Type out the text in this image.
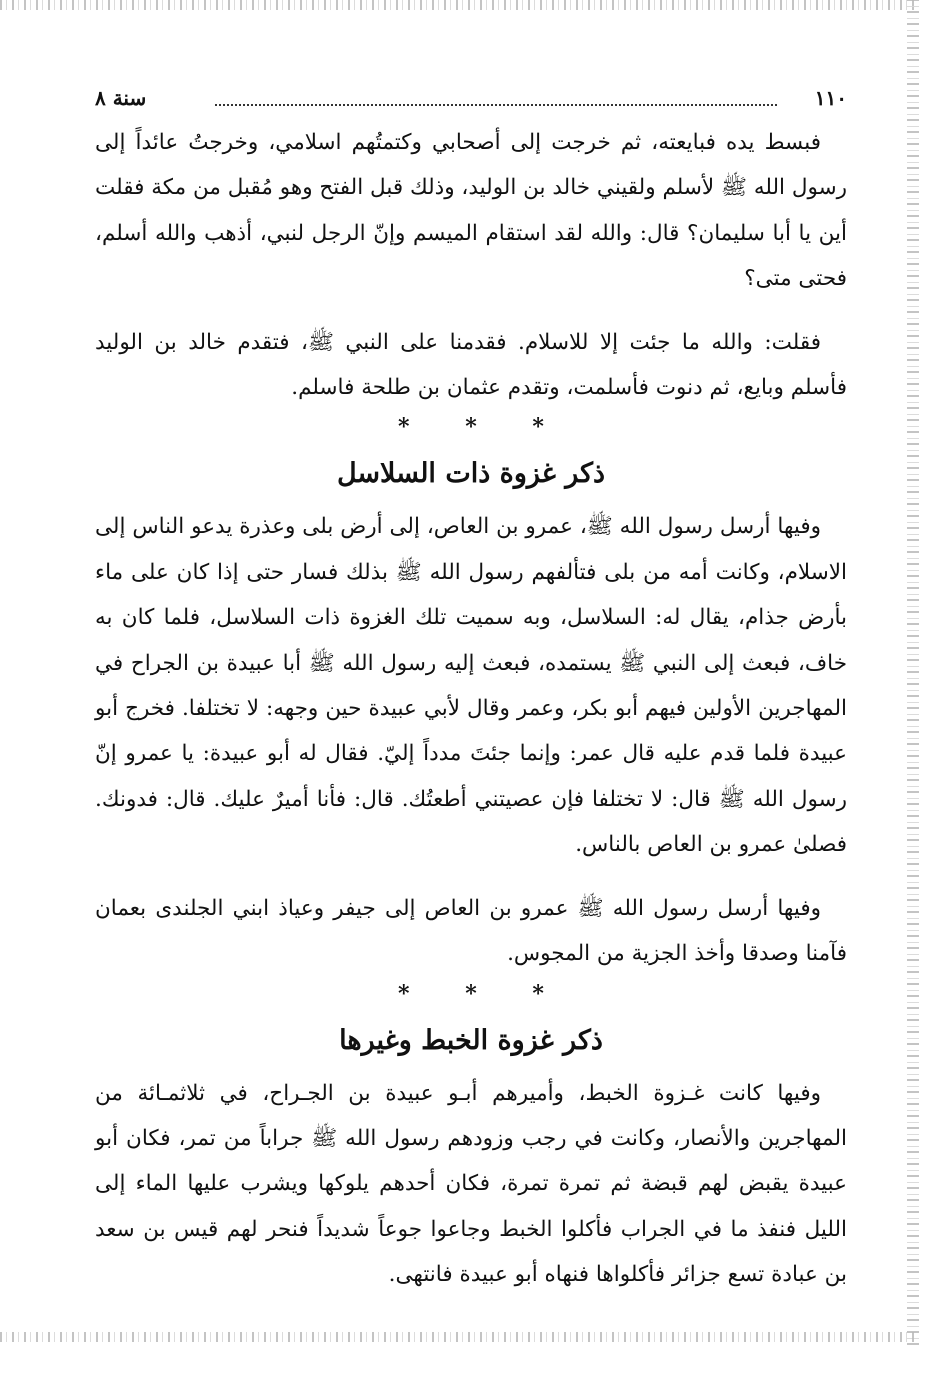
١١٠
سنة ٨

فبسط يده فبايعته، ثم خرجت إلى أصحابي وكتمتُهم اسلامي، وخرجتُ عائداً إلى رسول الله ﷺ لأسلم ولقيني خالد بن الوليد، وذلك قبل الفتح وهو مُقبل من مكة فقلت أين يا أبا سليمان؟ قال: والله لقد استقام الميسم وإنّ الرجل لنبي، أذهب والله أسلم، فحتى متى؟

فقلت: والله ما جئت إلا للاسلام. فقدمنا على النبي ﷺ، فتقدم خالد بن الوليد فأسلم وبايع، ثم دنوت فأسلمت، وتقدم عثمان بن طلحة فاسلم.

* * *
ذكر غزوة ذات السلاسل

وفيها أرسل رسول الله ﷺ، عمرو بن العاص، إلى أرض بلى وعذرة يدعو الناس إلى الاسلام، وكانت أمه من بلى فتألفهم رسول الله ﷺ بذلك فسار حتى إذا كان على ماء بأرض جذام، يقال له: السلاسل، وبه سميت تلك الغزوة ذات السلاسل، فلما كان به خاف، فبعث إلى النبي ﷺ يستمده، فبعث إليه رسول الله ﷺ أبا عبيدة بن الجراح في المهاجرين الأولين فيهم أبو بكر، وعمر وقال لأبي عبيدة حين وجهه: لا تختلفا. فخرج أبو عبيدة فلما قدم عليه قال عمر: وإنما جئتَ مدداً إليّ. فقال له أبو عبيدة: يا عمرو إنّ رسول الله ﷺ قال: لا تختلفا فإن عصيتني أطعتُك. قال: فأنا أميرٌ عليك. قال: فدونك. فصلىٰ عمرو بن العاص بالناس.

وفيها أرسل رسول الله ﷺ عمرو بن العاص إلى جيفر وعياذ ابني الجلندى بعمان فآمنا وصدقا وأخذ الجزية من المجوس.

* * *
ذكر غزوة الخبط وغيرها

وفيها كانت غـزوة الخبط، وأميرهم أبـو عبيدة بن الجـراح، في ثلاثمـائة من المهاجرين والأنصار، وكانت في رجب وزودهم رسول الله ﷺ جراباً من تمر، فكان أبو عبيدة يقبض لهم قبضة ثم تمرة تمرة، فكان أحدهم يلوكها ويشرب عليها الماء إلى الليل فنفذ ما في الجراب فأكلوا الخبط وجاعوا جوعاً شديداً فنحر لهم قيس بن سعد بن عبادة تسع جزائر فأكلواها فنهاه أبو عبيدة فانتهى.
